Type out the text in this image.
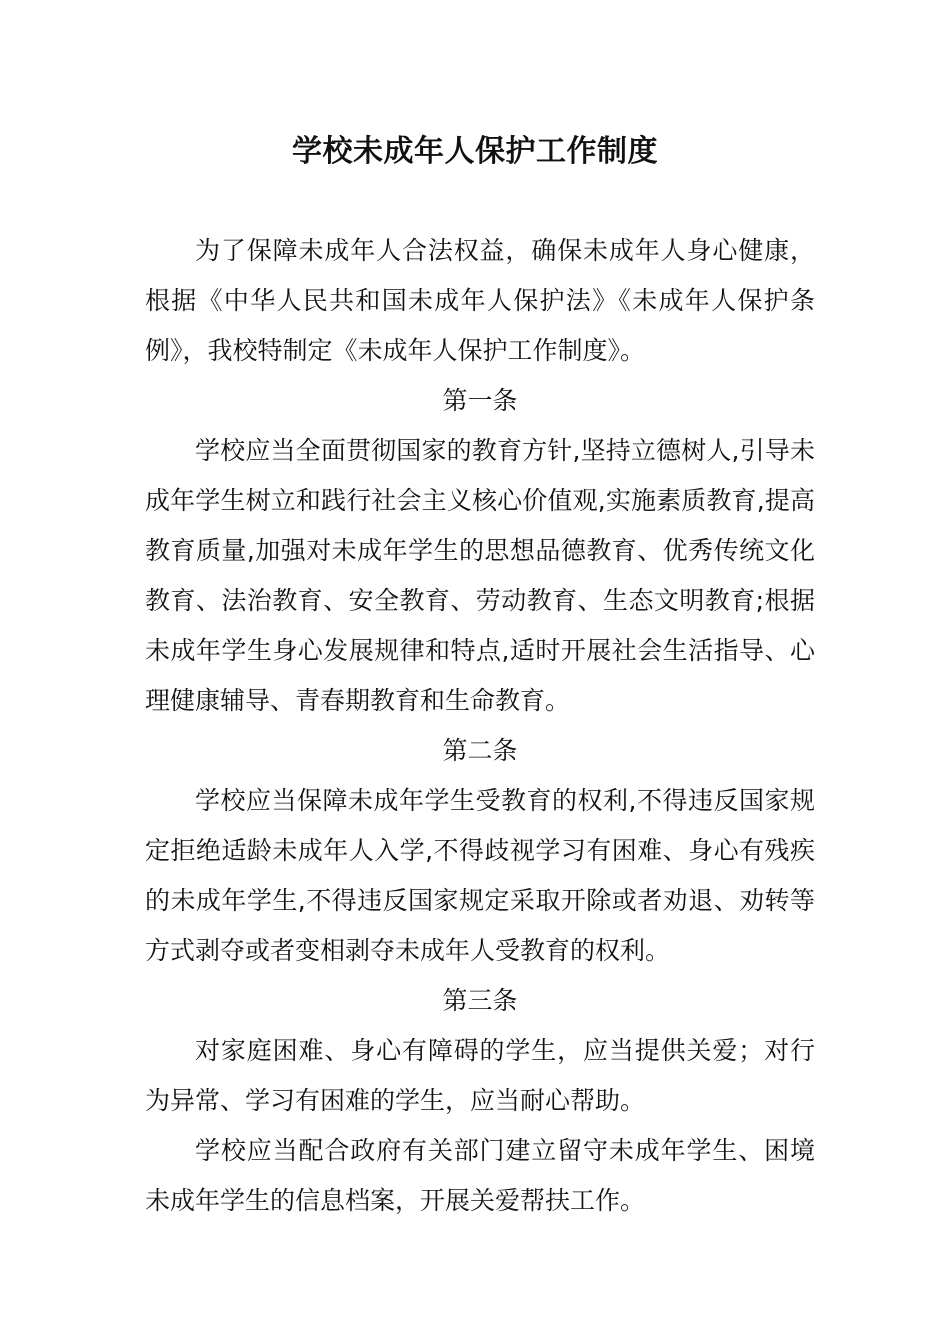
学校未成年人保护工作制度

为了保障未成年人合法权益，确保未成年人身心健康，根据《中华人民共和国未成年人保护法》《未成年人保护条例》，我校特制定《未成年人保护工作制度》。

第一条

学校应当全面贯彻国家的教育方针,坚持立德树人,引导未成年学生树立和践行社会主义核心价值观,实施素质教育,提高教育质量,加强对未成年学生的思想品德教育、优秀传统文化教育、法治教育、安全教育、劳动教育、生态文明教育;根据未成年学生身心发展规律和特点,适时开展社会生活指导、心理健康辅导、青春期教育和生命教育。

第二条

学校应当保障未成年学生受教育的权利,不得违反国家规定拒绝适龄未成年人入学,不得歧视学习有困难、身心有残疾的未成年学生,不得违反国家规定采取开除或者劝退、劝转等方式剥夺或者变相剥夺未成年人受教育的权利。

第三条

对家庭困难、身心有障碍的学生，应当提供关爱；对行为异常、学习有困难的学生，应当耐心帮助。

学校应当配合政府有关部门建立留守未成年学生、困境未成年学生的信息档案，开展关爱帮扶工作。
